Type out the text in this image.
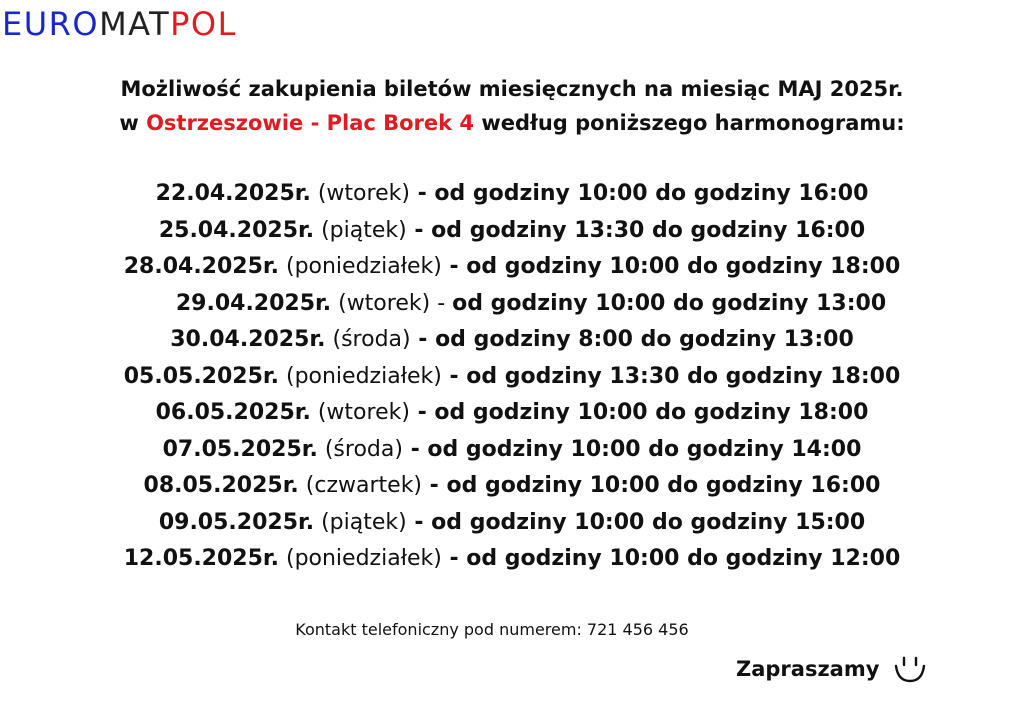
EUROMATPOL
Możliwość zakupienia biletów miesięcznych na miesiąc MAJ 2025r.
w Ostrzeszowie - Plac Borek 4 według poniższego harmonogramu:
22.04.2025r. (wtorek) - od godziny 10:00 do godziny 16:00
25.04.2025r. (piątek) - od godziny 13:30 do godziny 16:00
28.04.2025r. (poniedziałek) - od godziny 10:00 do godziny 18:00
29.04.2025r. (wtorek) - od godziny 10:00 do godziny 13:00
30.04.2025r. (środa) - od godziny 8:00 do godziny 13:00
05.05.2025r. (poniedziałek) - od godziny 13:30 do godziny 18:00
06.05.2025r. (wtorek) - od godziny 10:00 do godziny 18:00
07.05.2025r. (środa) - od godziny 10:00 do godziny 14:00
08.05.2025r. (czwartek) - od godziny 10:00 do godziny 16:00
09.05.2025r. (piątek) - od godziny 10:00 do godziny 15:00
12.05.2025r. (poniedziałek) - od godziny 10:00 do godziny 12:00
Kontakt telefoniczny pod numerem: 721 456 456
Zapraszamy
